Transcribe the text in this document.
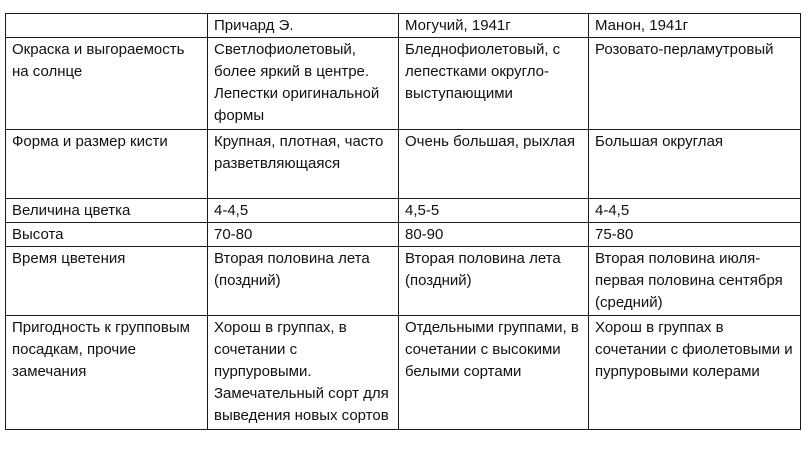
	Причард Э.	Могучий, 1941г	Манон, 1941г
Окраска и выгораемость на солнце	Светлофиолетовый, более яркий в центре. Лепестки оригинальной формы	Бледнофиолетовый, с лепестками округло-выступающими	Розовато-перламутровый
Форма и размер кисти	Крупная, плотная, часто разветвляющаяся	Очень большая, рыхлая	Большая округлая
Величина цветка	4-4,5	4,5-5	4-4,5
Высота	70-80	80-90	75-80
Время цветения	Вторая половина лета (поздний)	Вторая половина лета (поздний)	Вторая половина июля-первая половина сентября (средний)
Пригодность к групповым посадкам, прочие замечания	Хорош в группах, в сочетании с пурпуровыми. Замечательный сорт для выведения новых сортов	Отдельными группами, в сочетании с высокими белыми сортами	Хорош в группах в сочетании с фиолетовыми и пурпуровыми колерами
